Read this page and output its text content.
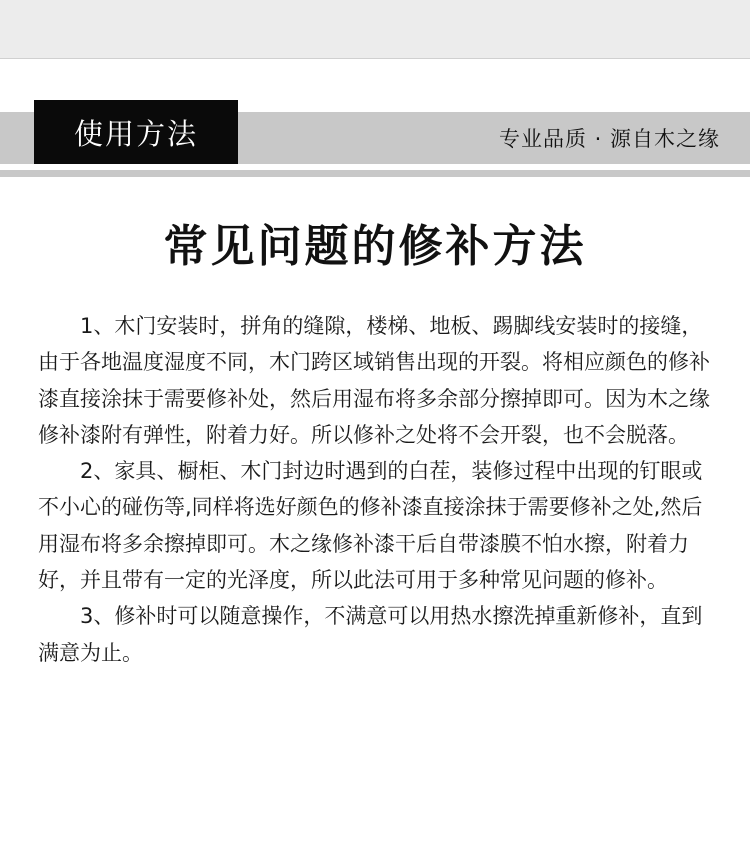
使用方法	专业品质 · 源自木之缘
常见问题的修补方法

1、木门安装时，拼角的缝隙，楼梯、地板、踢脚线安装时的接缝，由于各地温度湿度不同，木门跨区域销售出现的开裂。将相应颜色的修补漆直接涂抹于需要修补处，然后用湿布将多余部分擦掉即可。因为木之缘修补漆附有弹性，附着力好。所以修补之处将不会开裂，也不会脱落。

2、家具、橱柜、木门封边时遇到的白茬，装修过程中出现的钉眼或不小心的碰伤等,同样将选好颜色的修补漆直接涂抹于需要修补之处,然后用湿布将多余擦掉即可。木之缘修补漆干后自带漆膜不怕水擦，附着力好，并且带有一定的光泽度，所以此法可用于多种常见问题的修补。

3、修补时可以随意操作，不满意可以用热水擦洗掉重新修补，直到满意为止。
